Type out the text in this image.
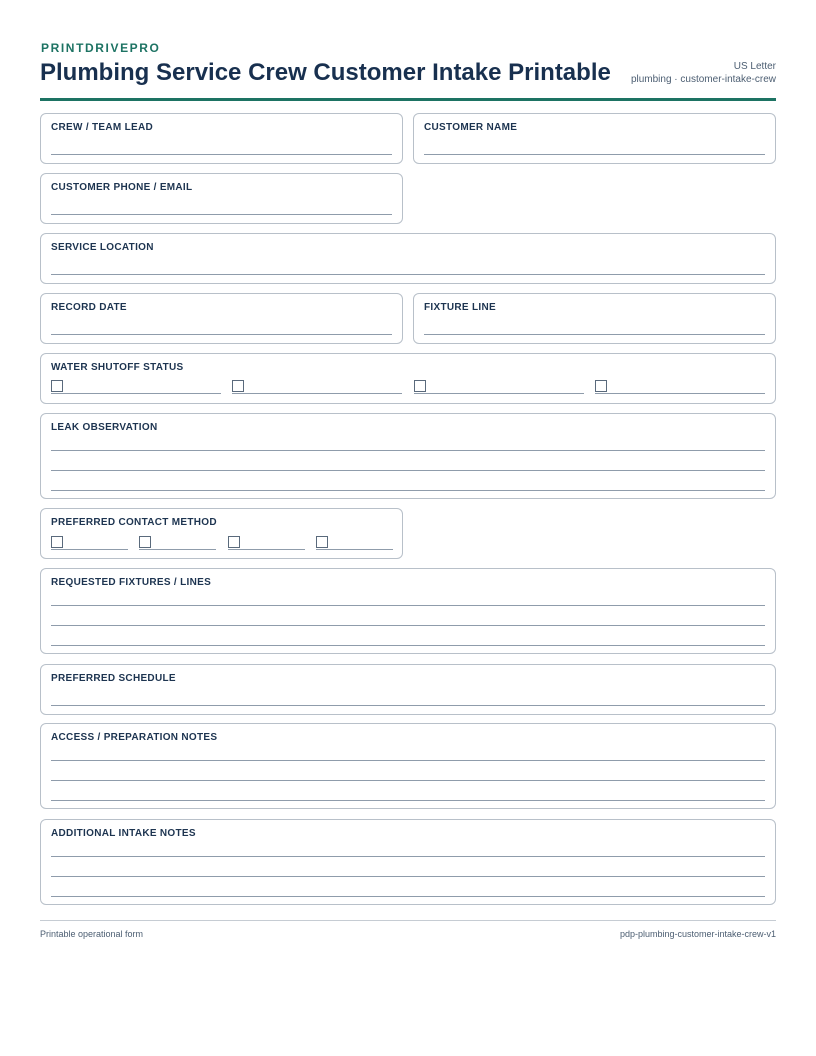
PRINTDRIVEPRO
Plumbing Service Crew Customer Intake Printable	US Letter
plumbing · customer-intake-crew
CREW / TEAM LEAD	CUSTOMER NAME
CUSTOMER PHONE / EMAIL
SERVICE LOCATION
RECORD DATE	FIXTURE LINE
WATER SHUTOFF STATUS
LEAK OBSERVATION
PREFERRED CONTACT METHOD
REQUESTED FIXTURES / LINES
PREFERRED SCHEDULE
ACCESS / PREPARATION NOTES
ADDITIONAL INTAKE NOTES
Printable operational form	pdp-plumbing-customer-intake-crew-v1
